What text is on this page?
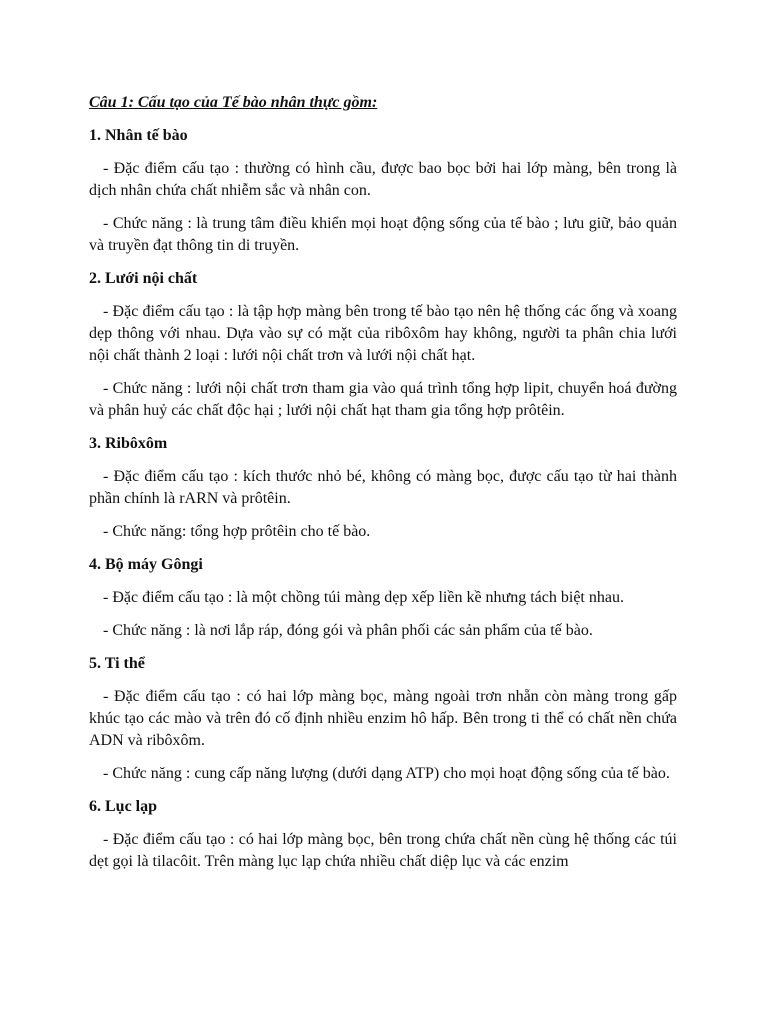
Câu 1: Cấu tạo của Tế bào nhân thực gồm:
1. Nhân tế bào

- Đặc điểm cấu tạo : thường có hình cầu, được bao bọc bởi hai lớp màng, bên trong là dịch nhân chứa chất nhiễm sắc và nhân con.

- Chức năng : là trung tâm điều khiển mọi hoạt động sống của tế bào ; lưu giữ, bảo quản và truyền đạt thông tin di truyền.

2. Lưới nội chất

- Đặc điểm cấu tạo : là tập hợp màng bên trong tế bào tạo nên hệ thống các ống và xoang dẹp thông với nhau. Dựa vào sự có mặt của ribôxôm hay không, người ta phân chia lưới nội chất thành 2 loại : lưới nội chất trơn và lưới nội chất hạt.

- Chức năng : lưới nội chất trơn tham gia vào quá trình tổng hợp lipit, chuyển hoá đường và phân huỷ các chất độc hại ; lưới nội chất hạt tham gia tổng hợp prôtêin.

3. Ribôxôm

- Đặc điểm cấu tạo : kích thước nhỏ bé, không có màng bọc, được cấu tạo từ hai thành phần chính là rARN và prôtêin.

- Chức năng: tổng hợp prôtêin cho tế bào.

4. Bộ máy Gôngi

- Đặc điểm cấu tạo : là một chồng túi màng dẹp xếp liền kề nhưng tách biệt nhau.

- Chức năng : là nơi lắp ráp, đóng gói và phân phối các sản phẩm của tế bào.

5. Ti thể

- Đặc điểm cấu tạo : có hai lớp màng bọc, màng ngoài trơn nhẵn còn màng trong gấp khúc tạo các mào và trên đó cố định nhiều enzim hô hấp. Bên trong ti thể có chất nền chứa ADN và ribôxôm.

- Chức năng : cung cấp năng lượng (dưới dạng ATP) cho mọi hoạt động sống của tế bào.

6. Lục lạp

- Đặc điểm cấu tạo : có hai lớp màng bọc, bên trong chứa chất nền cùng hệ thống các túi dẹt gọi là tilacôit. Trên màng lục lạp chứa nhiều chất diệp lục và các enzim
